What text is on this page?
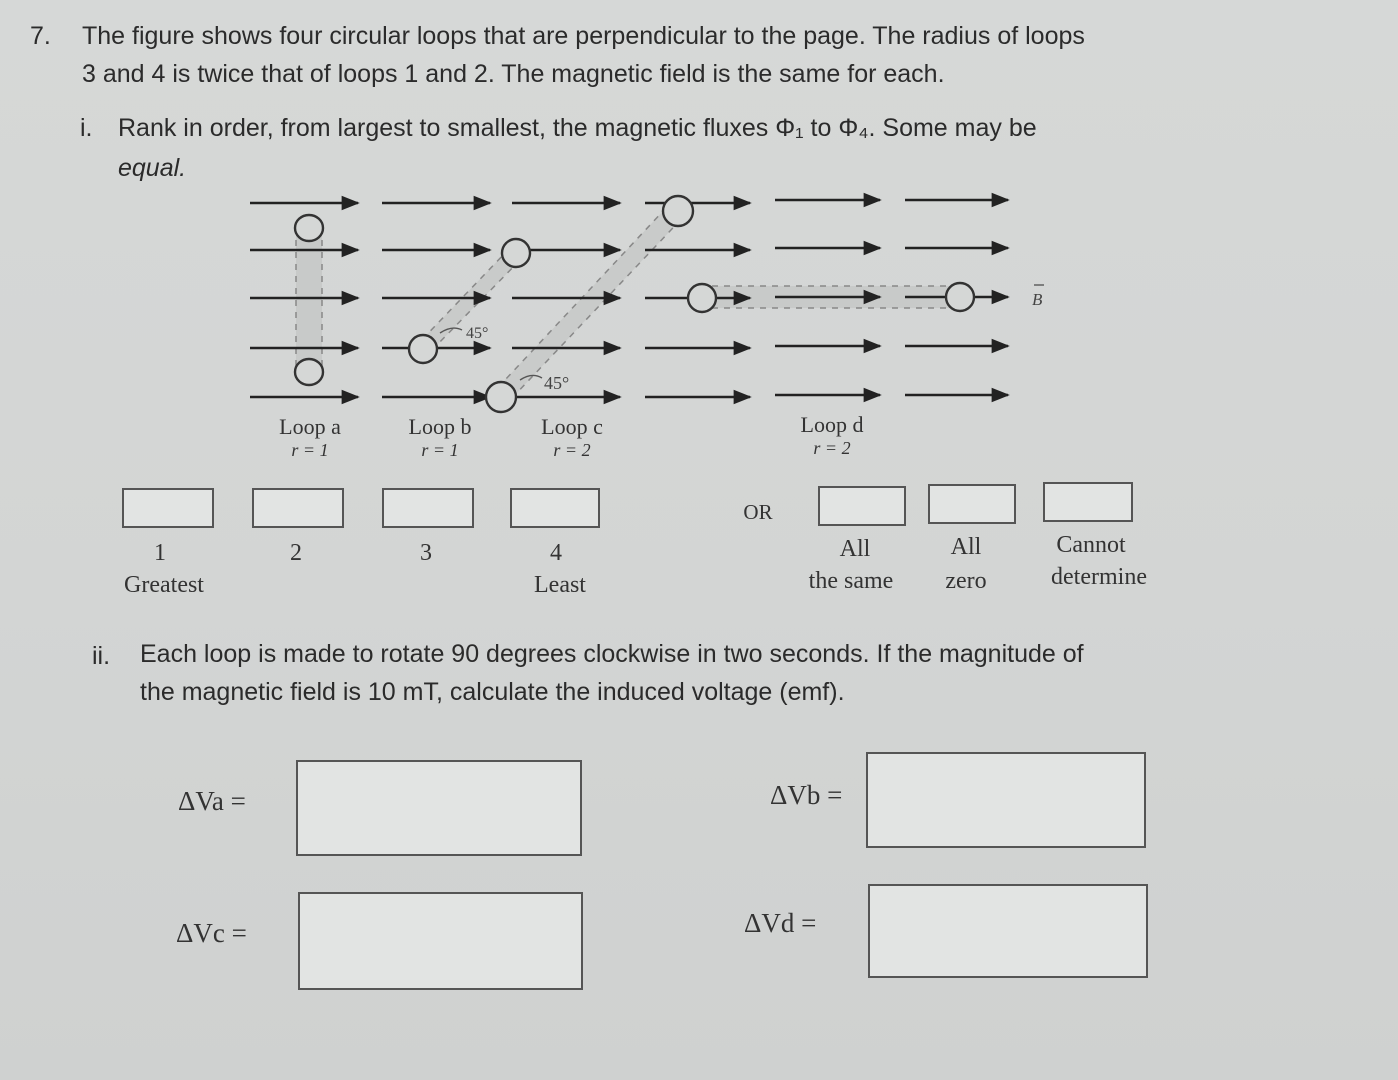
7. The figure shows four circular loops that are perpendicular to the page. The radius of loops
3 and 4 is twice that of loops 1 and 2. The magnetic field is the same for each.
i. Rank in order, from largest to smallest, the magnetic fluxes Φ₁ to Φ₄. Some may be
equal.
45°
45°
B
Loop a
r = 1
Loop b
r = 1
Loop c
r = 2
Loop d
r = 2
1
Greatest
2	3	4
Least
OR
All
the same
All
zero
Cannot
determine
ii. Each loop is made to rotate 90 degrees clockwise in two seconds. If the magnitude of
the magnetic field is 10 mT, calculate the induced voltage (emf).
ΔVa =	ΔVb =
ΔVc =	ΔVd =
